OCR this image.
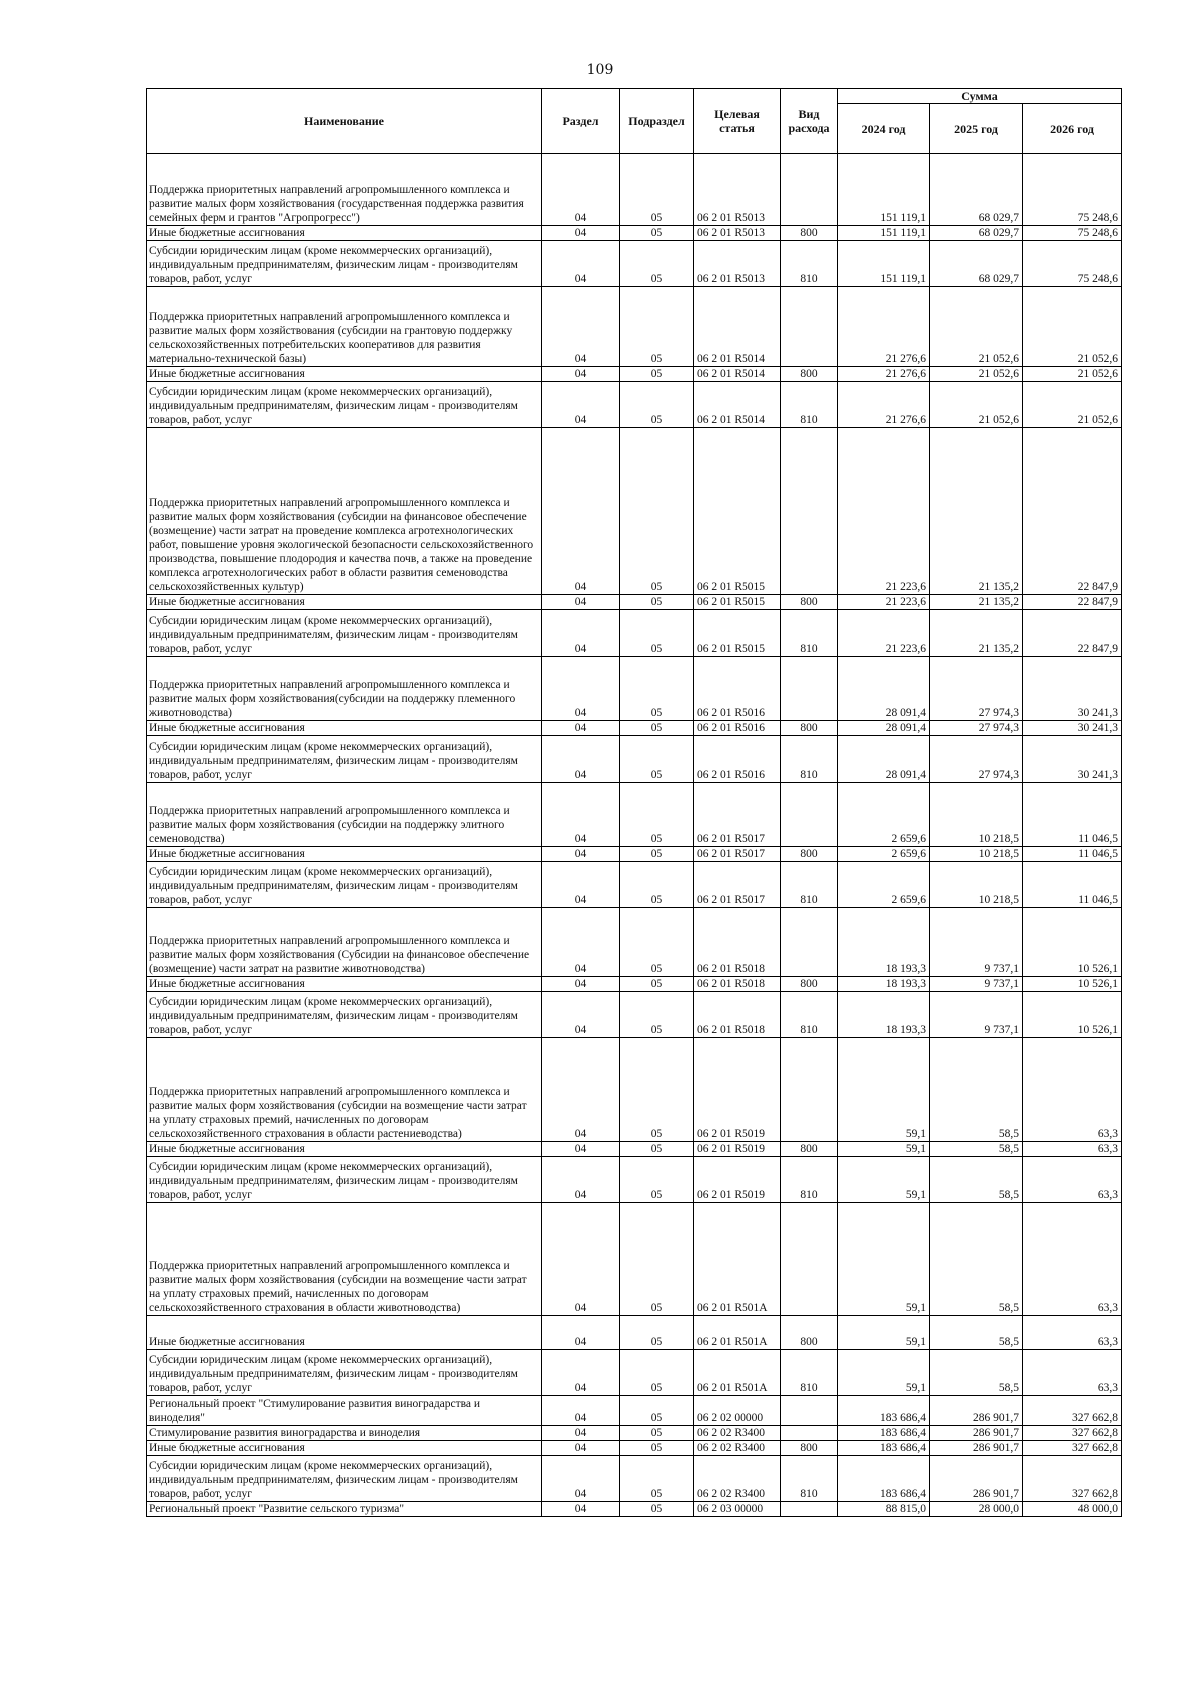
109
Наименование	Раздел	Подраздел	Целевая статья	Вид расхода	Сумма		
					2024 год	2025 год	2026 год
Поддержка приоритетных направлений агропромышленного комплекса и развитие малых форм хозяйствования (государственная поддержка развития семейных ферм и грантов "Агропрогресс")	04	05	06 2 01 R5013		151 119,1	68 029,7	75 248,6
Иные бюджетные ассигнования	04	05	06 2 01 R5013	800	151 119,1	68 029,7	75 248,6
Субсидии юридическим лицам (кроме некоммерческих организаций), индивидуальным предпринимателям, физическим лицам - производителям товаров, работ, услуг	04	05	06 2 01 R5013	810	151 119,1	68 029,7	75 248,6
Поддержка приоритетных направлений агропромышленного комплекса и развитие малых форм хозяйствования (субсидии на грантовую поддержку сельскохозяйственных потребительских кооперативов для развития материально-технической базы)	04	05	06 2 01 R5014		21 276,6	21 052,6	21 052,6
Иные бюджетные ассигнования	04	05	06 2 01 R5014	800	21 276,6	21 052,6	21 052,6
Субсидии юридическим лицам (кроме некоммерческих организаций), индивидуальным предпринимателям, физическим лицам - производителям товаров, работ, услуг	04	05	06 2 01 R5014	810	21 276,6	21 052,6	21 052,6
Поддержка приоритетных направлений агропромышленного комплекса и развитие малых форм хозяйствования (субсидии на финансовое обеспечение (возмещение) части затрат на проведение комплекса агротехнологических работ, повышение уровня экологической безопасности сельскохозяйственного производства, повышение плодородия и качества почв, а также на проведение комплекса агротехнологических работ в области развития семеноводства сельскохозяйственных культур)	04	05	06 2 01 R5015		21 223,6	21 135,2	22 847,9
Иные бюджетные ассигнования	04	05	06 2 01 R5015	800	21 223,6	21 135,2	22 847,9
Субсидии юридическим лицам (кроме некоммерческих организаций), индивидуальным предпринимателям, физическим лицам - производителям товаров, работ, услуг	04	05	06 2 01 R5015	810	21 223,6	21 135,2	22 847,9
Поддержка приоритетных направлений агропромышленного комплекса и развитие малых форм хозяйствования(субсидии на поддержку племенного животноводства)	04	05	06 2 01 R5016		28 091,4	27 974,3	30 241,3
Иные бюджетные ассигнования	04	05	06 2 01 R5016	800	28 091,4	27 974,3	30 241,3
Субсидии юридическим лицам (кроме некоммерческих организаций), индивидуальным предпринимателям, физическим лицам - производителям товаров, работ, услуг	04	05	06 2 01 R5016	810	28 091,4	27 974,3	30 241,3
Поддержка приоритетных направлений агропромышленного комплекса и развитие малых форм хозяйствования (субсидии на поддержку элитного семеноводства)	04	05	06 2 01 R5017		2 659,6	10 218,5	11 046,5
Иные бюджетные ассигнования	04	05	06 2 01 R5017	800	2 659,6	10 218,5	11 046,5
Субсидии юридическим лицам (кроме некоммерческих организаций), индивидуальным предпринимателям, физическим лицам - производителям товаров, работ, услуг	04	05	06 2 01 R5017	810	2 659,6	10 218,5	11 046,5
Поддержка приоритетных направлений агропромышленного комплекса и развитие малых форм хозяйствования (Субсидии на финансовое обеспечение (возмещение) части затрат на развитие животноводства)	04	05	06 2 01 R5018		18 193,3	9 737,1	10 526,1
Иные бюджетные ассигнования	04	05	06 2 01 R5018	800	18 193,3	9 737,1	10 526,1
Субсидии юридическим лицам (кроме некоммерческих организаций), индивидуальным предпринимателям, физическим лицам - производителям товаров, работ, услуг	04	05	06 2 01 R5018	810	18 193,3	9 737,1	10 526,1
Поддержка приоритетных направлений агропромышленного комплекса и развитие малых форм хозяйствования (субсидии на возмещение части затрат на уплату страховых премий, начисленных по договорам сельскохозяйственного страхования в области растениеводства)	04	05	06 2 01 R5019		59,1	58,5	63,3
Иные бюджетные ассигнования	04	05	06 2 01 R5019	800	59,1	58,5	63,3
Субсидии юридическим лицам (кроме некоммерческих организаций), индивидуальным предпринимателям, физическим лицам - производителям товаров, работ, услуг	04	05	06 2 01 R5019	810	59,1	58,5	63,3
Поддержка приоритетных направлений агропромышленного комплекса и развитие малых форм хозяйствования (субсидии на возмещение части затрат на уплату страховых премий, начисленных по договорам сельскохозяйственного страхования в области животноводства)	04	05	06 2 01 R501A		59,1	58,5	63,3
Иные бюджетные ассигнования	04	05	06 2 01 R501A	800	59,1	58,5	63,3
Субсидии юридическим лицам (кроме некоммерческих организаций), индивидуальным предпринимателям, физическим лицам - производителям товаров, работ, услуг	04	05	06 2 01 R501A	810	59,1	58,5	63,3
Региональный проект "Стимулирование развития виноградарства и виноделия"	04	05	06 2 02 00000		183 686,4	286 901,7	327 662,8
Стимулирование развития виноградарства и виноделия	04	05	06 2 02 R3400		183 686,4	286 901,7	327 662,8
Иные бюджетные ассигнования	04	05	06 2 02 R3400	800	183 686,4	286 901,7	327 662,8
Субсидии юридическим лицам (кроме некоммерческих организаций), индивидуальным предпринимателям, физическим лицам - производителям товаров, работ, услуг	04	05	06 2 02 R3400	810	183 686,4	286 901,7	327 662,8
Региональный проект "Развитие сельского туризма"	04	05	06 2 03 00000		88 815,0	28 000,0	48 000,0
